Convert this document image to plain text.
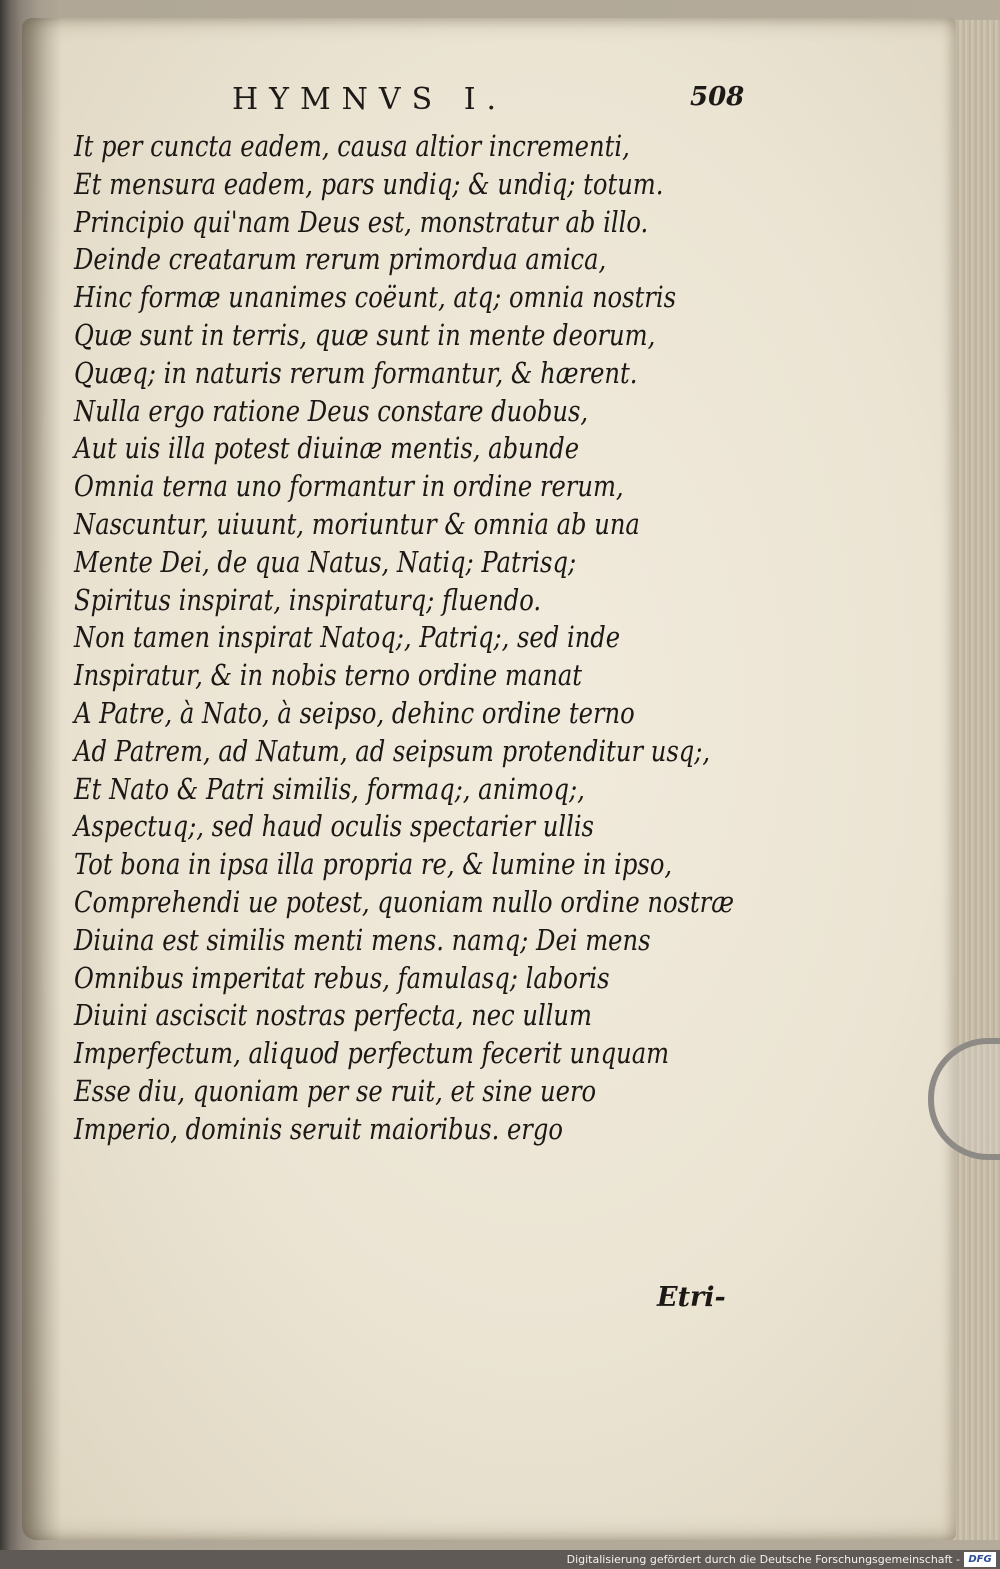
HYMNVS I.	508
It per cuncta eadem, causa altior incrementi,
Et mensura eadem, pars undiq; & undiq; totum.
Principio qui'nam Deus est, monstratur ab illo.
Deinde creatarum rerum primordua amica,
Hinc formæ unanimes coëunt, atq; omnia nostris
Quæ sunt in terris, quæ sunt in mente deorum,
Quæq; in naturis rerum formantur, & hærent.
Nulla ergo ratione Deus constare duobus,
Aut uis illa potest diuinæ mentis, abunde
Omnia terna uno formantur in ordine rerum,
Nascuntur, uiuunt, moriuntur & omnia ab una
Mente Dei, de qua Natus, Natiq; Patrisq;
Spiritus inspirat, inspiraturq; fluendo.
Non tamen inspirat Natoq;, Patriq;, sed inde
Inspiratur, & in nobis terno ordine manat
A Patre, à Nato, à seipso, dehinc ordine terno
Ad Patrem, ad Natum, ad seipsum protenditur usq;,
Et Nato & Patri similis, formaq;, animoq;,
Aspectuq;, sed haud oculis spectarier ullis
Tot bona in ipsa illa propria re, & lumine in ipso,
Comprehendi ue potest, quoniam nullo ordine nostræ
Diuina est similis menti mens. namq; Dei mens
Omnibus imperitat rebus, famulasq; laboris
Diuini asciscit nostras perfecta, nec ullum
Imperfectum, aliquod perfectum fecerit unquam
Esse diu, quoniam per se ruit, et sine uero
Imperio, dominis seruit maioribus. ergo
Etri-
Digitalisierung gefördert durch die Deutsche Forschungsgemeinschaft - DFG
